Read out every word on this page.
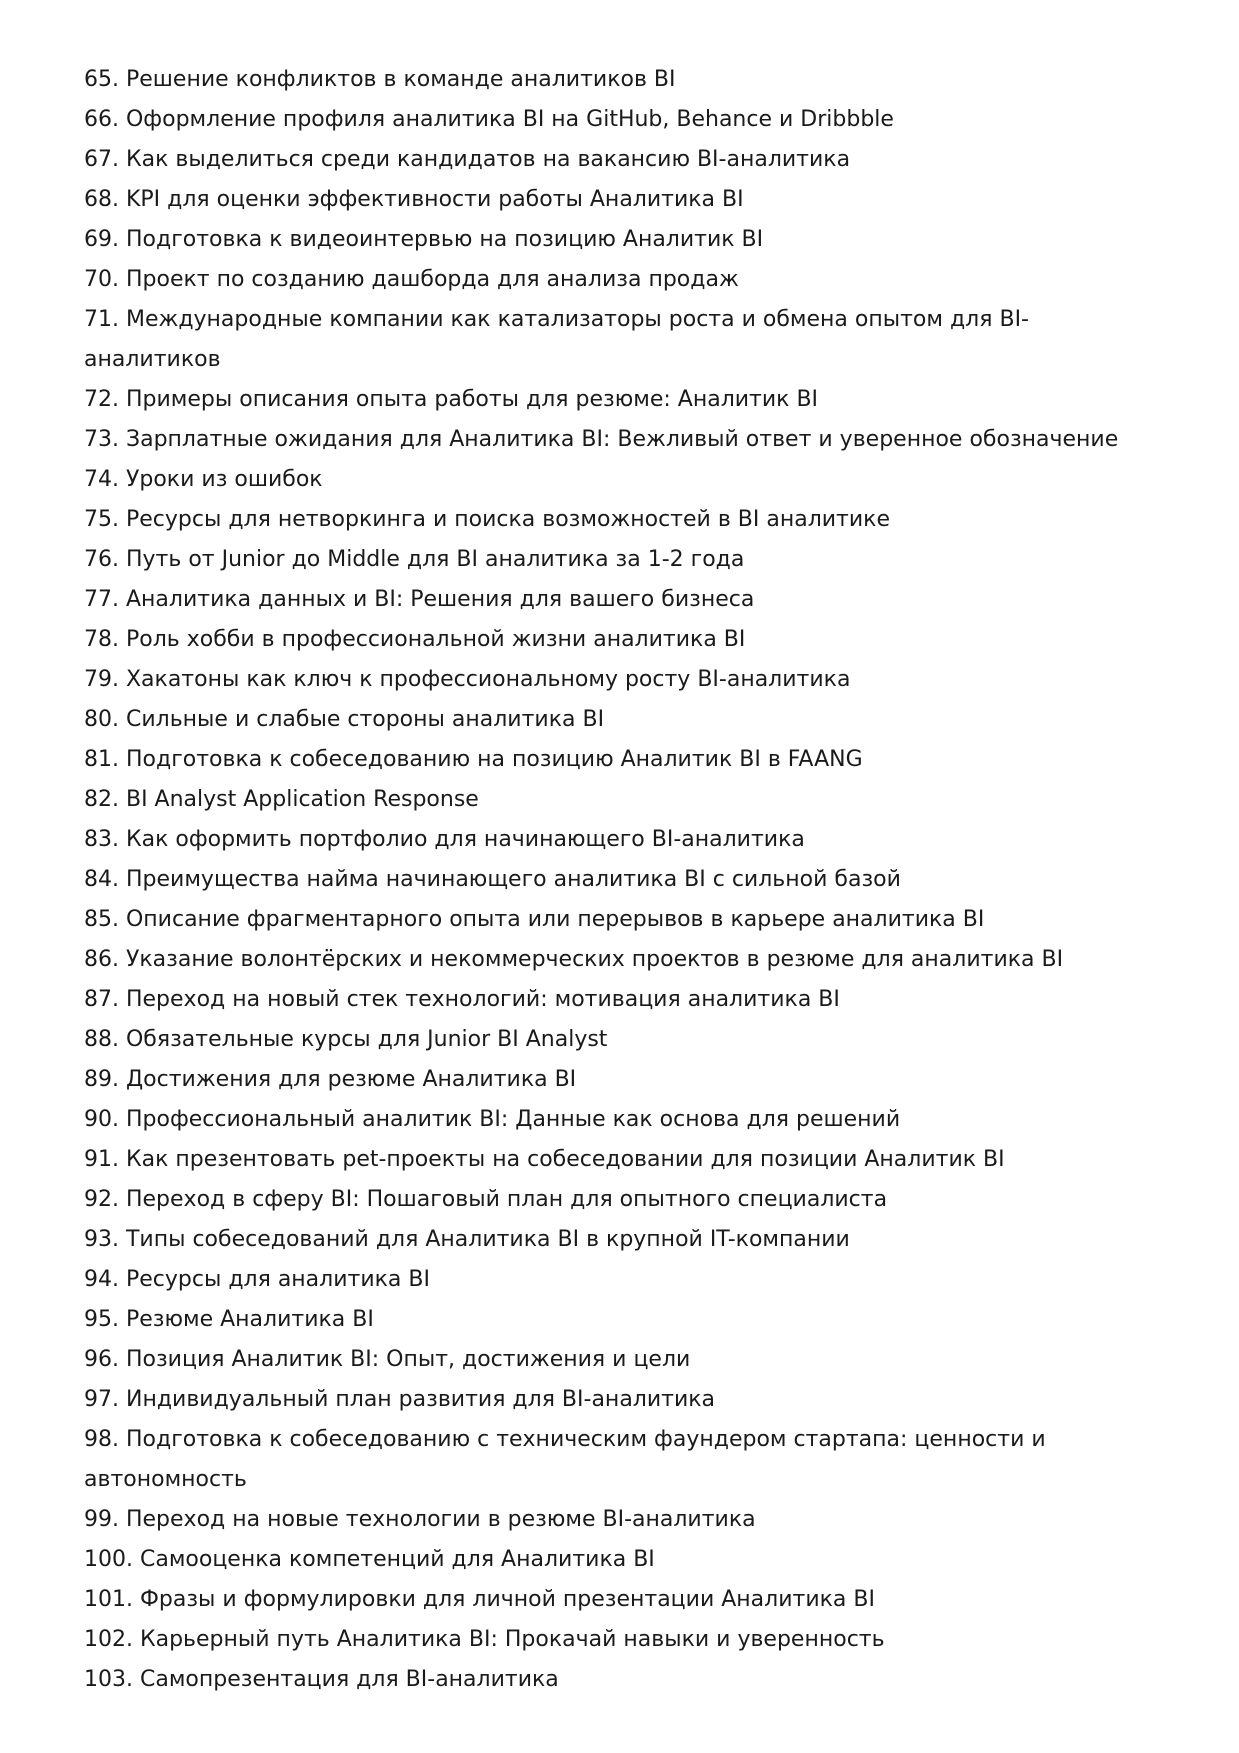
65. Решение конфликтов в команде аналитиков BI
66. Оформление профиля аналитика BI на GitHub, Behance и Dribbble
67. Как выделиться среди кандидатов на вакансию BI-аналитика
68. KPI для оценки эффективности работы Аналитика BI
69. Подготовка к видеоинтервью на позицию Аналитик BI
70. Проект по созданию дашборда для анализа продаж
71. Международные компании как катализаторы роста и обмена опытом для BI-аналитиков
72. Примеры описания опыта работы для резюме: Аналитик BI
73. Зарплатные ожидания для Аналитика BI: Вежливый ответ и уверенное обозначение
74. Уроки из ошибок
75. Ресурсы для нетворкинга и поиска возможностей в BI аналитике
76. Путь от Junior до Middle для BI аналитика за 1-2 года
77. Аналитика данных и BI: Решения для вашего бизнеса
78. Роль хобби в профессиональной жизни аналитика BI
79. Хакатоны как ключ к профессиональному росту BI-аналитика
80. Сильные и слабые стороны аналитика BI
81. Подготовка к собеседованию на позицию Аналитик BI в FAANG
82. BI Analyst Application Response
83. Как оформить портфолио для начинающего BI-аналитика
84. Преимущества найма начинающего аналитика BI с сильной базой
85. Описание фрагментарного опыта или перерывов в карьере аналитика BI
86. Указание волонтёрских и некоммерческих проектов в резюме для аналитика BI
87. Переход на новый стек технологий: мотивация аналитика BI
88. Обязательные курсы для Junior BI Analyst
89. Достижения для резюме Аналитика BI
90. Профессиональный аналитик BI: Данные как основа для решений
91. Как презентовать pet-проекты на собеседовании для позиции Аналитик BI
92. Переход в сферу BI: Пошаговый план для опытного специалиста
93. Типы собеседований для Аналитика BI в крупной IT-компании
94. Ресурсы для аналитика BI
95. Резюме Аналитика BI
96. Позиция Аналитик BI: Опыт, достижения и цели
97. Индивидуальный план развития для BI-аналитика
98. Подготовка к собеседованию с техническим фаундером стартапа: ценности и автономность
99. Переход на новые технологии в резюме BI-аналитика
100. Самооценка компетенций для Аналитика BI
101. Фразы и формулировки для личной презентации Аналитика BI
102. Карьерный путь Аналитика BI: Прокачай навыки и уверенность
103. Самопрезентация для BI-аналитика
